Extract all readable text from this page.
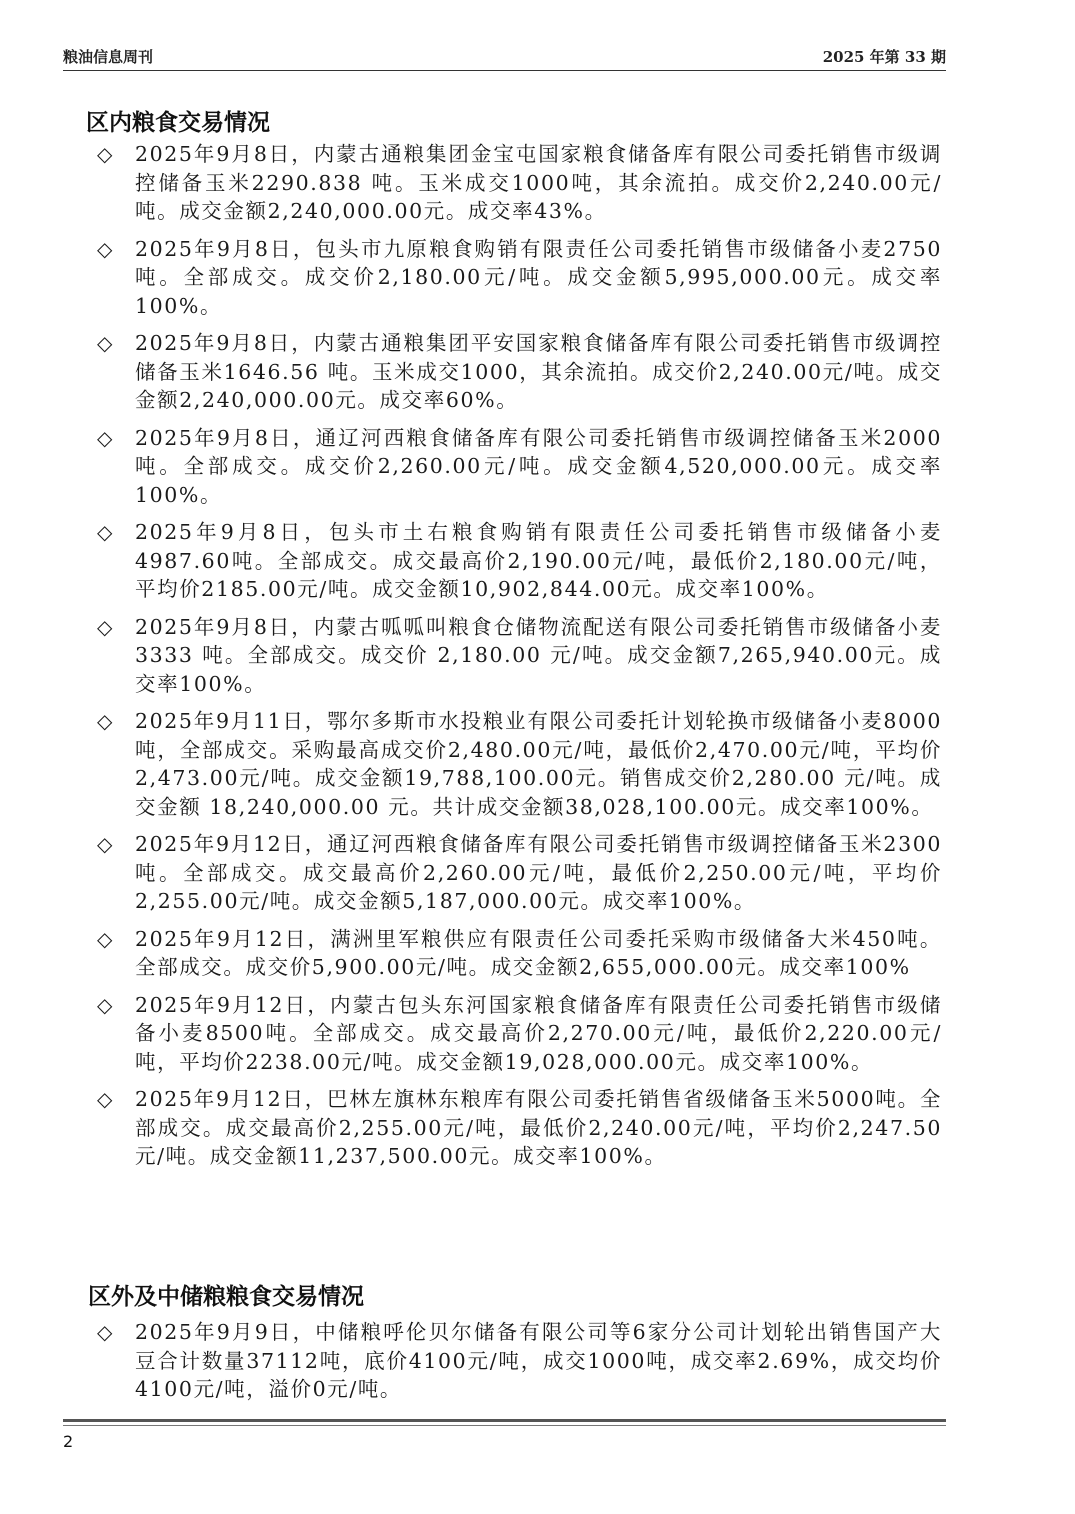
粮油信息周刊	2025 年第 33 期
区内粮食交易情况
◇ 2025年9月8日，内蒙古通粮集团金宝屯国家粮食储备库有限公司委托销售市级调控储备玉米2290.838 吨。玉米成交1000吨，其余流拍。成交价2,240.00元/吨。成交金额2,240,000.00元。成交率43%。
◇ 2025年9月8日，包头市九原粮食购销有限责任公司委托销售市级储备小麦2750 吨。全部成交。成交价2,180.00元/吨。成交金额5,995,000.00元。成交率100%。
◇ 2025年9月8日，内蒙古通粮集团平安国家粮食储备库有限公司委托销售市级调控储备玉米1646.56 吨。玉米成交1000，其余流拍。成交价2,240.00元/吨。成交金额2,240,000.00元。成交率60%。
◇ 2025年9月8日，通辽河西粮食储备库有限公司委托销售市级调控储备玉米2000 吨。全部成交。成交价2,260.00元/吨。成交金额4,520,000.00元。成交率100%。
◇ 2025年9月8日，包头市土右粮食购销有限责任公司委托销售市级储备小麦4987.60吨。全部成交。成交最高价2,190.00元/吨，最低价2,180.00元/吨，平均价2185.00元/吨。成交金额10,902,844.00元。成交率100%。
◇ 2025年9月8日，内蒙古呱呱叫粮食仓储物流配送有限公司委托销售市级储备小麦 3333 吨。全部成交。成交价 2,180.00 元/吨。成交金额7,265,940.00元。成交率100%。
◇ 2025年9月11日，鄂尔多斯市水投粮业有限公司委托计划轮换市级储备小麦8000吨，全部成交。采购最高成交价2,480.00元/吨，最低价2,470.00元/吨，平均价2,473.00元/吨。成交金额19,788,100.00元。销售成交价2,280.00 元/吨。成交金额 18,240,000.00 元。共计成交金额38,028,100.00元。成交率100%。
◇ 2025年9月12日，通辽河西粮食储备库有限公司委托销售市级调控储备玉米2300吨。全部成交。成交最高价2,260.00元/吨，最低价2,250.00元/吨，平均价2,255.00元/吨。成交金额5,187,000.00元。成交率100%。
◇ 2025年9月12日，满洲里军粮供应有限责任公司委托采购市级储备大米450吨。全部成交。成交价5,900.00元/吨。成交金额2,655,000.00元。成交率100%
◇ 2025年9月12日，内蒙古包头东河国家粮食储备库有限责任公司委托销售市级储备小麦8500吨。全部成交。成交最高价2,270.00元/吨，最低价2,220.00元/吨，平均价2238.00元/吨。成交金额19,028,000.00元。成交率100%。
◇ 2025年9月12日，巴林左旗林东粮库有限公司委托销售省级储备玉米5000吨。全部成交。成交最高价2,255.00元/吨，最低价2,240.00元/吨，平均价2,247.50元/吨。成交金额11,237,500.00元。成交率100%。
区外及中储粮粮食交易情况
◇ 2025年9月9日，中储粮呼伦贝尔储备有限公司等6家分公司计划轮出销售国产大豆合计数量37112吨，底价4100元/吨，成交1000吨，成交率2.69%，成交均价4100元/吨，溢价0元/吨。
2
